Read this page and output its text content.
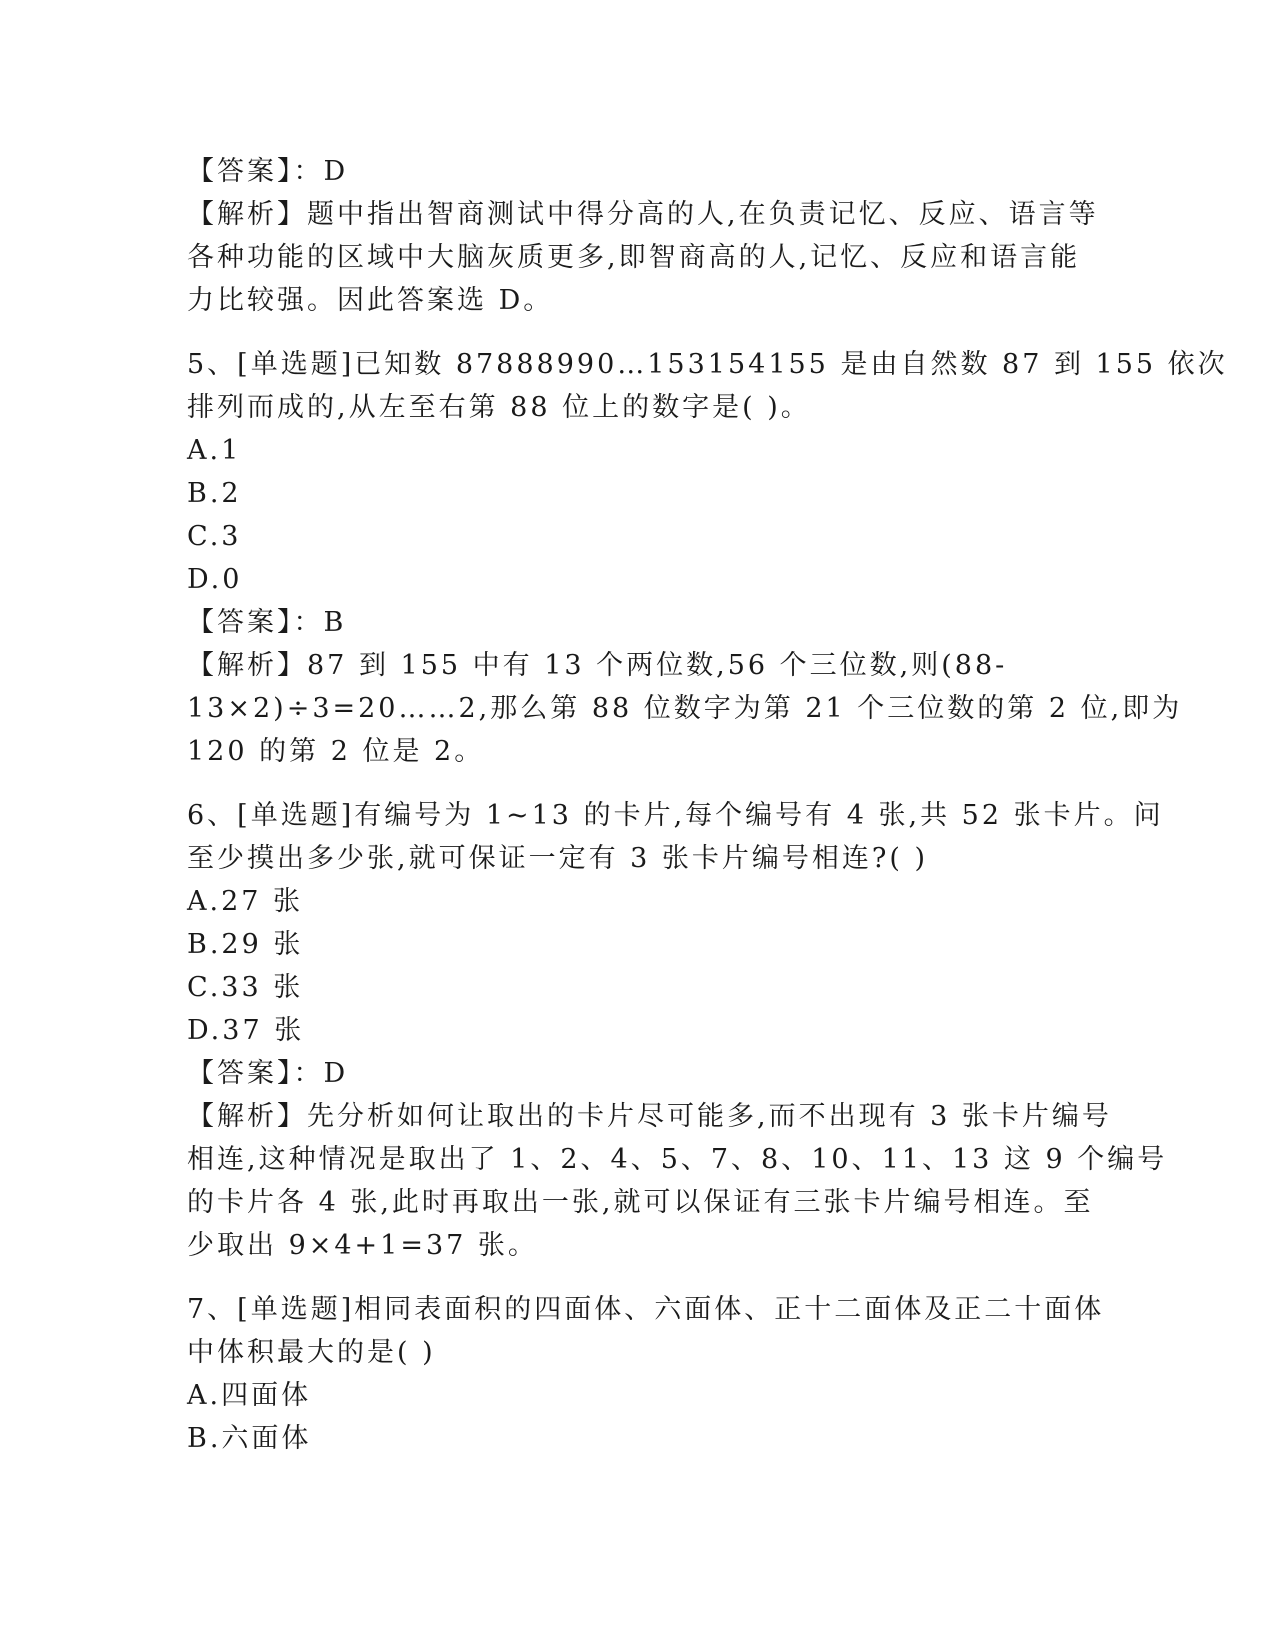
【答案】：D
【解析】题中指出智商测试中得分高的人,在负责记忆、反应、语言等
各种功能的区域中大脑灰质更多,即智商高的人,记忆、反应和语言能
力比较强。因此答案选 D。
5、[单选题]已知数 87888990…153154155 是由自然数 87 到 155 依次
排列而成的,从左至右第 88 位上的数字是( )。
A.1
B.2
C.3
D.0
【答案】：B
【解析】87 到 155 中有 13 个两位数,56 个三位数,则(88-
13×2)÷3=20……2,那么第 88 位数字为第 21 个三位数的第 2 位,即为
120 的第 2 位是 2。
6、[单选题]有编号为 1~13 的卡片,每个编号有 4 张,共 52 张卡片。问
至少摸出多少张,就可保证一定有 3 张卡片编号相连?( )
A.27 张
B.29 张
C.33 张
D.37 张
【答案】：D
【解析】先分析如何让取出的卡片尽可能多,而不出现有 3 张卡片编号
相连,这种情况是取出了 1、2、4、5、7、8、10、11、13 这 9 个编号
的卡片各 4 张,此时再取出一张,就可以保证有三张卡片编号相连。至
少取出 9×4+1=37 张。
7、[单选题]相同表面积的四面体、六面体、正十二面体及正二十面体
中体积最大的是( )
A.四面体
B.六面体
